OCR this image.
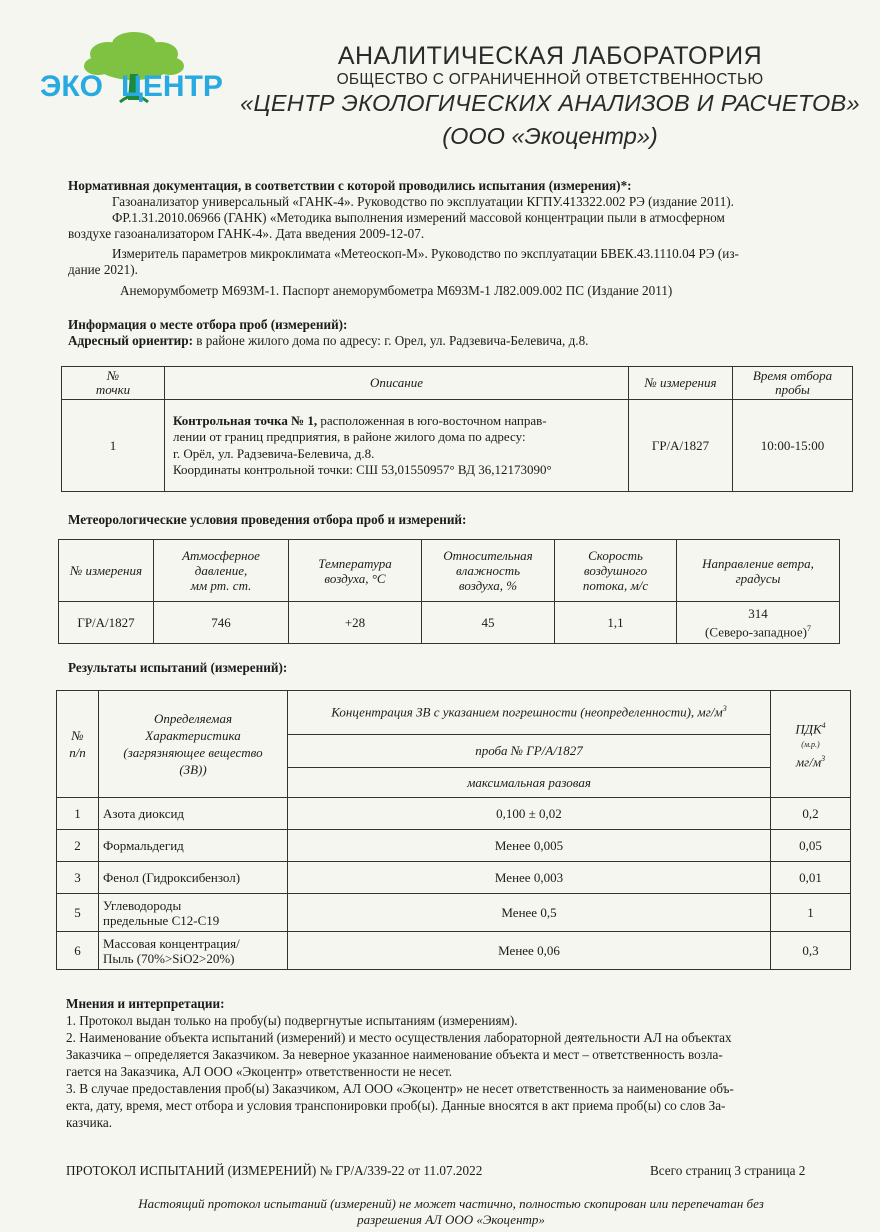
ЭКО ЦЕНТР
АНАЛИТИЧЕСКАЯ ЛАБОРАТОРИЯ
ОБЩЕСТВО С ОГРАНИЧЕННОЙ ОТВЕТСТВЕННОСТЬЮ
«ЦЕНТР ЭКОЛОГИЧЕСКИХ АНАЛИЗОВ И РАСЧЕТОВ»
(ООО «Экоцентр»)
Нормативная документация, в соответствии с которой проводились испытания (измерения)*:
Газоанализатор универсальный «ГАНК-4». Руководство по эксплуатации КГПУ.413322.002 РЭ (издание 2011).
ФР.1.31.2010.06966 (ГАНК) «Методика выполнения измерений массовой концентрации пыли в атмосферном
воздухе газоанализатором ГАНК-4». Дата введения 2009-12-07.
Измеритель параметров микроклимата «Метеоскоп-М». Руководство по эксплуатации БВЕК.43.1110.04 РЭ (из-
дание 2021).
Анеморумбометр М693М-1. Паспорт анеморумбометра М693М-1 Л82.009.002 ПС (Издание 2011)
Информация о месте отбора проб (измерений):
Адресный ориентир: в районе жилого дома по адресу: г. Орел, ул. Радзевича-Белевича, д.8.
№
точки	Описание	№ измерения	Время отбора
пробы
1	Контрольная точка № 1, расположенная в юго-восточном направ-
лении от границ предприятия, в районе жилого дома по адресу:
г. Орёл, ул. Радзевича-Белевича, д.8.
Координаты контрольной точки: СШ 53,01550957° ВД 36,12173090°	ГР/А/1827	10:00-15:00
Метеорологические условия проведения отбора проб и измерений:
№ измерения	Атмосферное
давление,
мм рт. ст.	Температура
воздуха, °С	Относительная
влажность
воздуха, %	Скорость
воздушного
потока, м/с	Направление ветра,
градусы
ГР/А/1827	746	+28	45	1,1	314
(Северо-западное)$^7$
Результаты испытаний (измерений):
№
п/п	Определяемая
Характеристика
(загрязняющее вещество
(ЗВ))	Концентрация ЗВ с указанием погрешности (неопределенности), $мг/м^3$	ПДК$^4$
(м.р.)
$мг/м^3$
		проба № ГР/А/1827	
		максимальная разовая	
1	Азота диоксид	0,100 ± 0,02	0,2
2	Формальдегид	Менее 0,005	0,05
3	Фенол (Гидроксибензол)	Менее 0,003	0,01
5	Углеводороды
предельные С12-С19	Менее 0,5	1
6	Массовая концентрация/
Пыль (70%>SiO2>20%)	Менее 0,06	0,3
Мнения и интерпретации:
1. Протокол выдан только на пробу(ы) подвергнутые испытаниям (измерениям).
2. Наименование объекта испытаний (измерений) и место осуществления лабораторной деятельности АЛ на объектах
Заказчика – определяется Заказчиком. За неверное указанное наименование объекта и мест – ответственность возла-
гается на Заказчика, АЛ ООО «Экоцентр» ответственности не несет.
3. В случае предоставления проб(ы) Заказчиком, АЛ ООО «Экоцентр» не несет ответственность за наименование объ-
екта, дату, время, мест отбора и условия транспонировки проб(ы). Данные вносятся в акт приема проб(ы) со слов За-
казчика.
ПРОТОКОЛ ИСПЫТАНИЙ (ИЗМЕРЕНИЙ) № ГР/А/339-22 от 11.07.2022	Всего страниц 3 страница 2
Настоящий протокол испытаний (измерений) не может частично, полностью скопирован или перепечатан без
разрешения АЛ ООО «Экоцентр»
